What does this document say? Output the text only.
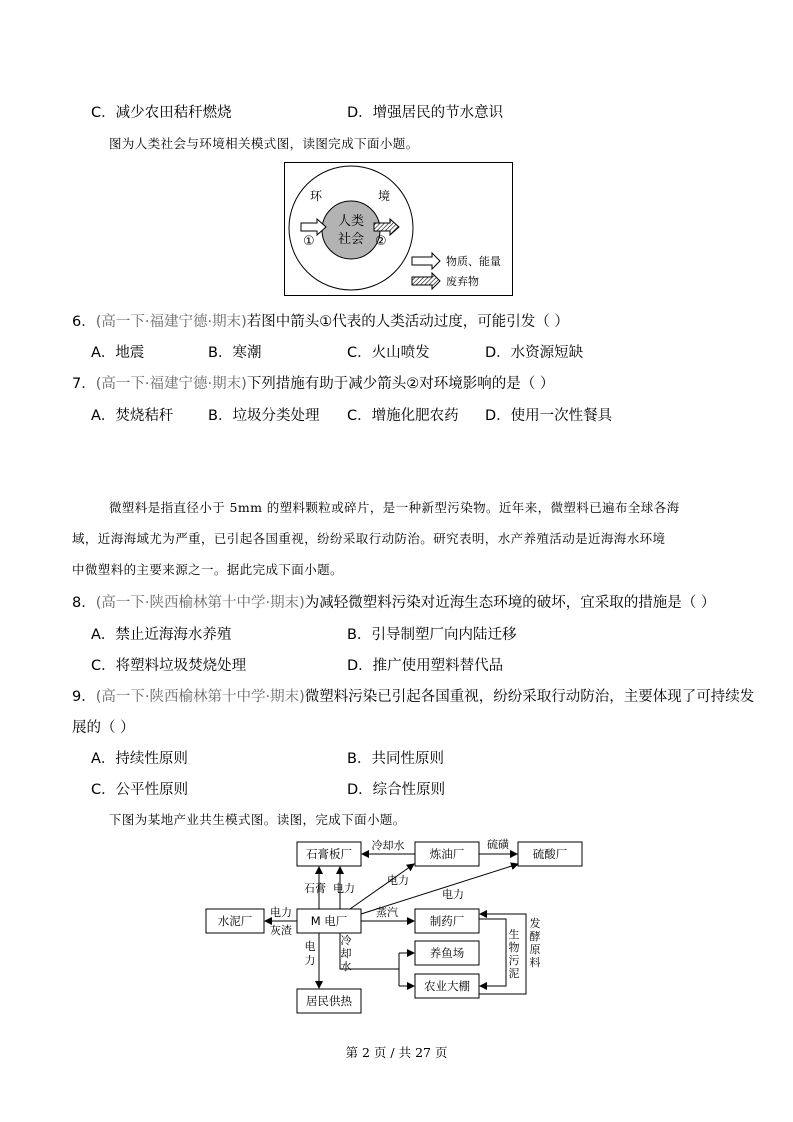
C．减少农田秸秆燃烧	D．增强居民的节水意识
图为人类社会与环境相关模式图，读图完成下面小题。
环	境
人类
社会
①	②
物质、能量
废弃物
6．(高一下·福建宁德·期末)若图中箭头①代表的人类活动过度，可能引发（ ）
A．地震	B．寒潮	C．火山喷发	D．水资源短缺
7．(高一下·福建宁德·期末)下列措施有助于减少箭头②对环境影响的是（ ）
A．焚烧秸秆 B．垃圾分类处理 C．增施化肥农药 D．使用一次性餐具
微塑料是指直径小于 5mm 的塑料颗粒或碎片，是一种新型污染物。近年来，微塑料已遍布全球各海
域，近海海域尤为严重，已引起各国重视，纷纷采取行动防治。研究表明，水产养殖活动是近海海水环境
中微塑料的主要来源之一。据此完成下面小题。
8．(高一下·陕西榆林第十中学·期末)为减轻微塑料污染对近海生态环境的破坏，宜采取的措施是（ ）
A．禁止近海海水养殖	B．引导制塑厂向内陆迁移
C．将塑料垃圾焚烧处理	D．推广使用塑料替代品
9．(高一下·陕西榆林第十中学·期末)微塑料污染已引起各国重视，纷纷采取行动防治，主要体现了可持续发
展的（ ）
A．持续性原则	B．共同性原则
C．公平性原则	D．综合性原则
下图为某地产业共生模式图。读图，完成下面小题。
石膏板厂	炼油厂	硫酸厂
水泥厂	M 电厂	制药厂
养鱼场
农业大棚
居民供热
冷却水	硫磺
石膏 电力
电力
电力
电力
灰渣
蒸汽
电力
冷却水
生物污泥
发酵原料
第 2 页 / 共 27 页
